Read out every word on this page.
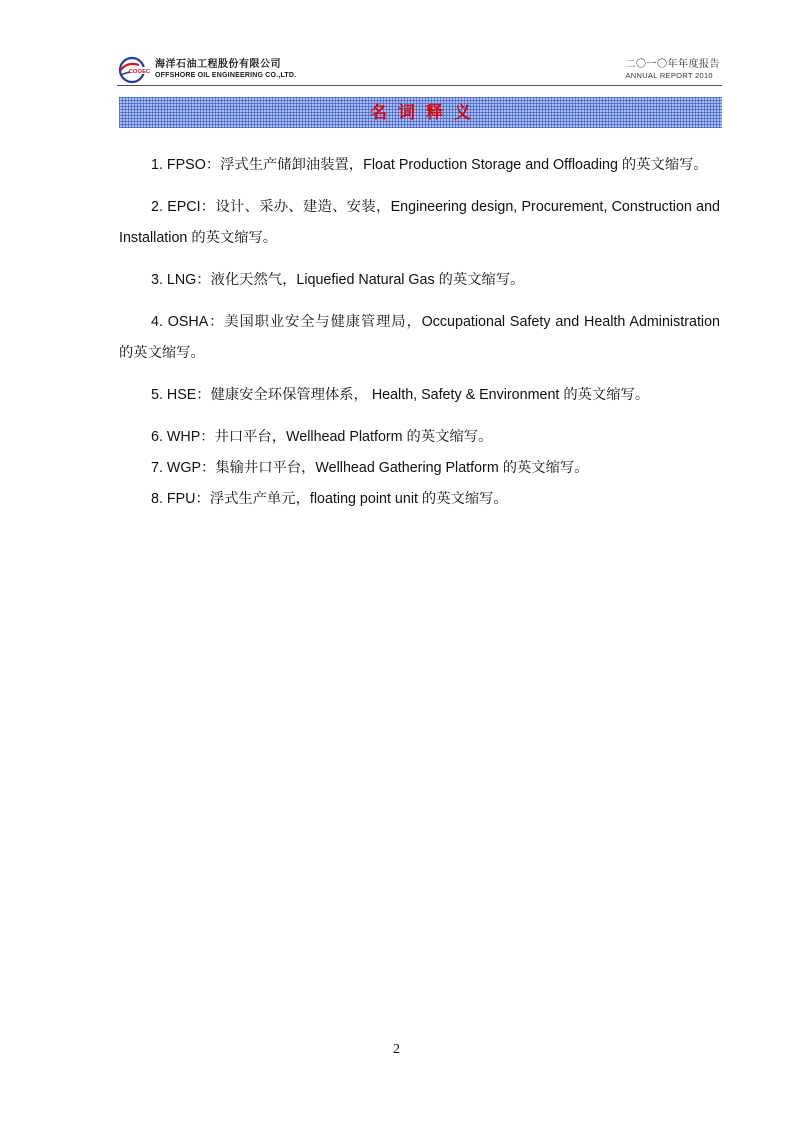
COOEC
海洋石油工程股份有限公司
OFFSHORE OIL ENGINEERING CO.,LTD.
二〇一〇年年度报告
ANNUAL REPORT 2010
名词释义

1. FPSO：浮式生产储卸油装置，Float Production Storage and Offloading 的英文缩写。

2. EPCI：设计、采办、建造、安装，Engineering design, Procurement, Construction and Installation 的英文缩写。

3. LNG：液化天然气，Liquefied Natural Gas 的英文缩写。

4. OSHA：美国职业安全与健康管理局，Occupational Safety and Health Administration 的英文缩写。

5. HSE：健康安全环保管理体系， Health, Safety & Environment 的英文缩写。

6. WHP：井口平台，Wellhead Platform 的英文缩写。

7. WGP：集输井口平台，Wellhead Gathering Platform 的英文缩写。

8. FPU：浮式生产单元，floating point unit 的英文缩写。

2
